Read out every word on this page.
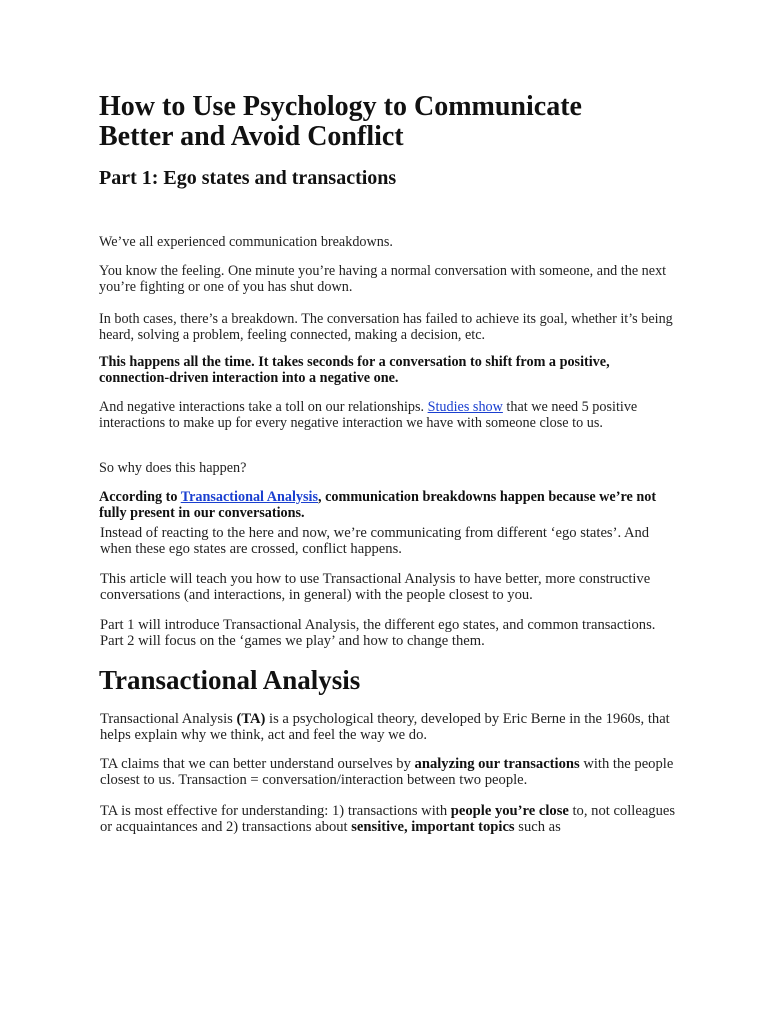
How to Use Psychology to Communicate Better and Avoid Conflict
Part 1: Ego states and transactions

We’ve all experienced communication breakdowns.

You know the feeling. One minute you’re having a normal conversation with someone, and the next you’re fighting or one of you has shut down.

In both cases, there’s a breakdown. The conversation has failed to achieve its goal, whether it’s being heard, solving a problem, feeling connected, making a decision, etc.

This happens all the time. It takes seconds for a conversation to shift from a positive, connection-driven interaction into a negative one.

And negative interactions take a toll on our relationships. Studies show that we need 5 positive interactions to make up for every negative interaction we have with someone close to us.

So why does this happen?

According to Transactional Analysis, communication breakdowns happen because we’re not fully present in our conversations.

Instead of reacting to the here and now, we’re communicating from different ‘ego states’. And when these ego states are crossed, conflict happens.

This article will teach you how to use Transactional Analysis to have better, more constructive conversations (and interactions, in general) with the people closest to you.

Part 1 will introduce Transactional Analysis, the different ego states, and common transactions. Part 2 will focus on the ‘games we play’ and how to change them.

Transactional Analysis

Transactional Analysis (TA) is a psychological theory, developed by Eric Berne in the 1960s, that helps explain why we think, act and feel the way we do.

TA claims that we can better understand ourselves by analyzing our transactions with the people closest to us. Transaction = conversation/interaction between two people.

TA is most effective for understanding: 1) transactions with people you’re close to, not colleagues or acquaintances and 2) transactions about sensitive, important topics such as
